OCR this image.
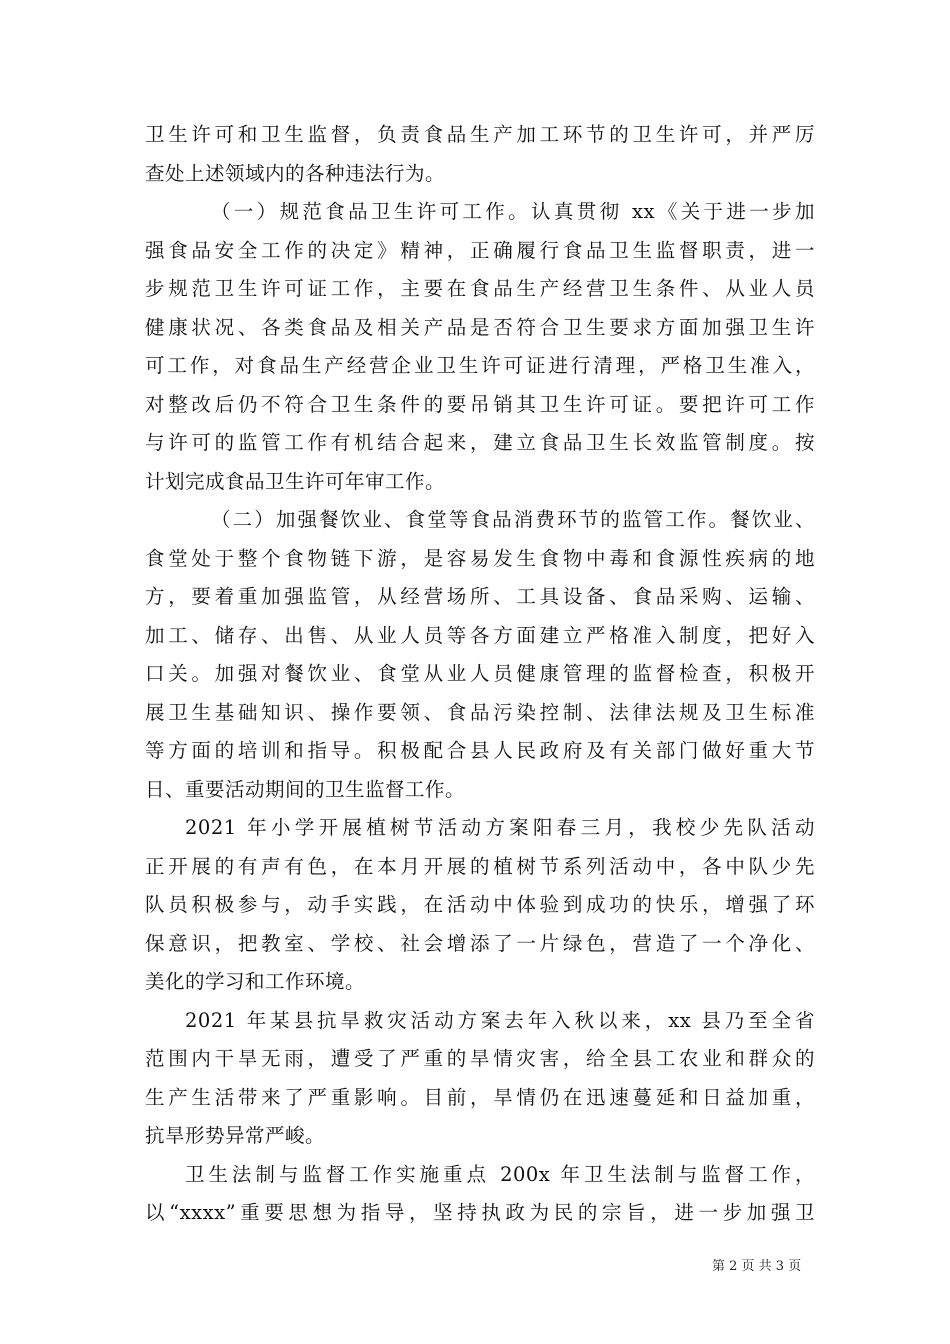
卫生许可和卫生监督，负责食品生产加工环节的卫生许可，并严厉
查处上述领域内的各种违法行为。
（一）规范食品卫生许可工作。认真贯彻 xx《关于进一步加
强食品安全工作的决定》精神，正确履行食品卫生监督职责，进一
步规范卫生许可证工作，主要在食品生产经营卫生条件、从业人员
健康状况、各类食品及相关产品是否符合卫生要求方面加强卫生许
可工作，对食品生产经营企业卫生许可证进行清理，严格卫生准入，
对整改后仍不符合卫生条件的要吊销其卫生许可证。要把许可工作
与许可的监管工作有机结合起来，建立食品卫生长效监管制度。按
计划完成食品卫生许可年审工作。
（二）加强餐饮业、食堂等食品消费环节的监管工作。餐饮业、
食堂处于整个食物链下游，是容易发生食物中毒和食源性疾病的地
方，要着重加强监管，从经营场所、工具设备、食品采购、运输、
加工、储存、出售、从业人员等各方面建立严格准入制度，把好入
口关。加强对餐饮业、食堂从业人员健康管理的监督检查，积极开
展卫生基础知识、操作要领、食品污染控制、法律法规及卫生标准
等方面的培训和指导。积极配合县人民政府及有关部门做好重大节
日、重要活动期间的卫生监督工作。
2021 年小学开展植树节活动方案阳春三月，我校少先队活动
正开展的有声有色，在本月开展的植树节系列活动中，各中队少先
队员积极参与，动手实践，在活动中体验到成功的快乐，增强了环
保意识，把教室、学校、社会增添了一片绿色，营造了一个净化、
美化的学习和工作环境。
2021 年某县抗旱救灾活动方案去年入秋以来，xx 县乃至全省
范围内干旱无雨，遭受了严重的旱情灾害，给全县工农业和群众的
生产生活带来了严重影响。目前，旱情仍在迅速蔓延和日益加重，
抗旱形势异常严峻。
卫生法制与监督工作实施重点 200x 年卫生法制与监督工作，
以“xxxx”重要思想为指导，坚持执政为民的宗旨，进一步加强卫
第 2 页 共 3 页
